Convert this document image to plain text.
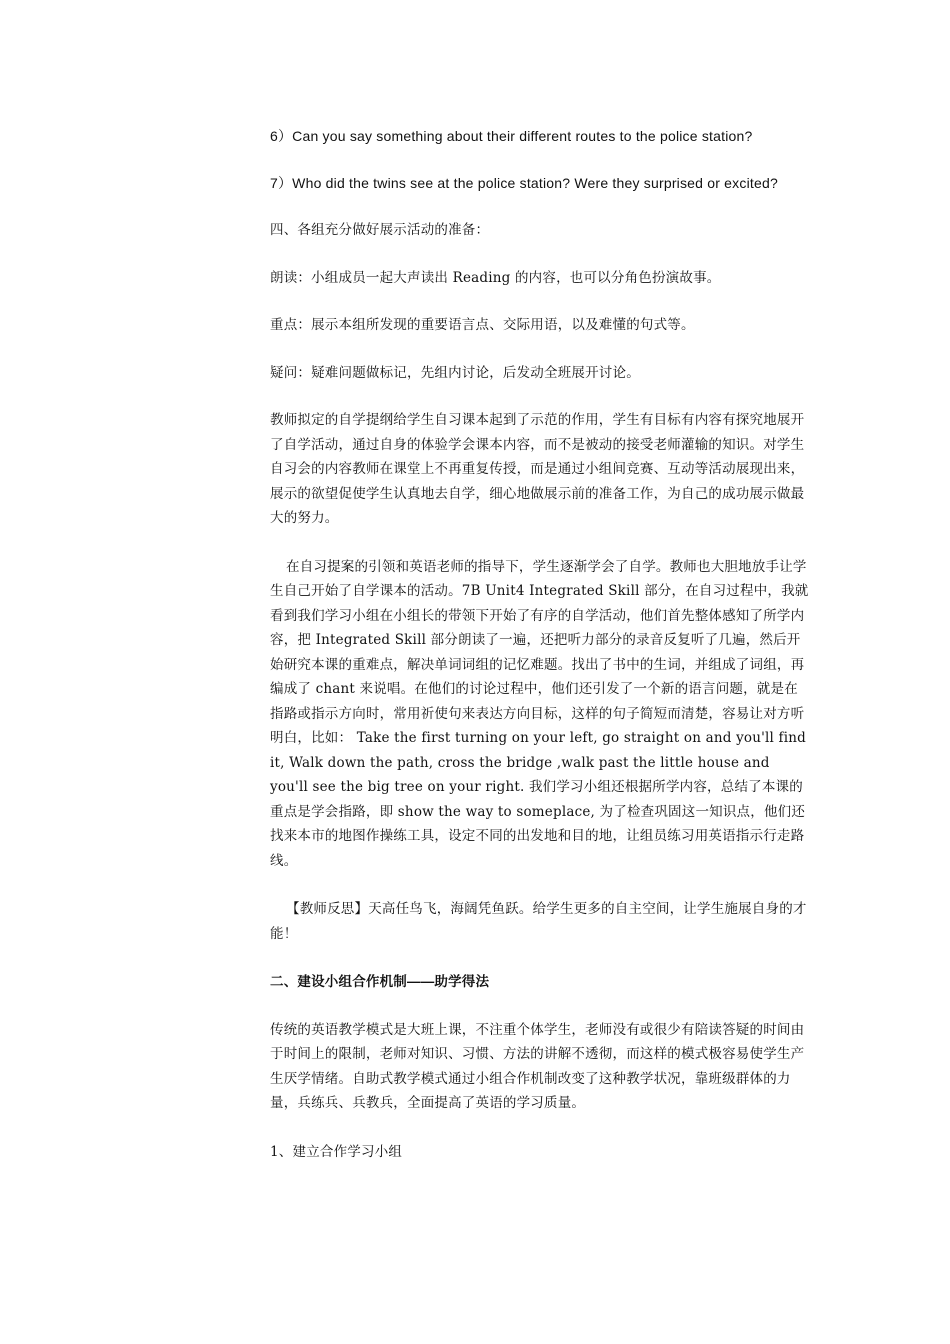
6）Can you say something about their different routes to the police station?

7）Who did the twins see at the police station? Were they surprised or excited?

四、各组充分做好展示活动的准备：

朗读：小组成员一起大声读出 Reading 的内容，也可以分角色扮演故事。

重点：展示本组所发现的重要语言点、交际用语，以及难懂的句式等。

疑问：疑难问题做标记，先组内讨论，后发动全班展开讨论。

教师拟定的自学提纲给学生自习课本起到了示范的作用，学生有目标有内容有探究地展开了自学活动，通过自身的体验学会课本内容，而不是被动的接受老师灌输的知识。对学生自习会的内容教师在课堂上不再重复传授，而是通过小组间竞赛、互动等活动展现出来，展示的欲望促使学生认真地去自学，细心地做展示前的准备工作，为自己的成功展示做最大的努力。

在自习提案的引领和英语老师的指导下，学生逐渐学会了自学。教师也大胆地放手让学生自己开始了自学课本的活动。7B Unit4 Integrated Skill 部分，在自习过程中，我就看到我们学习小组在小组长的带领下开始了有序的自学活动，他们首先整体感知了所学内容，把 Integrated Skill 部分朗读了一遍，还把听力部分的录音反复听了几遍，然后开始研究本课的重难点，解决单词词组的记忆难题。找出了书中的生词，并组成了词组，再编成了 chant 来说唱。在他们的讨论过程中，他们还引发了一个新的语言问题，就是在指路或指示方向时，常用祈使句来表达方向目标，这样的句子简短而清楚，容易让对方听明白，比如： Take the first turning on your left, go straight on and you'll find it, Walk down the path, cross the bridge ,walk past the little house and you'll see the big tree on your right. 我们学习小组还根据所学内容，总结了本课的重点是学会指路，即 show the way to someplace, 为了检查巩固这一知识点，他们还找来本市的地图作操练工具，设定不同的出发地和目的地，让组员练习用英语指示行走路线。

【教师反思】天高任鸟飞，海阔凭鱼跃。给学生更多的自主空间，让学生施展自身的才能！

二、建设小组合作机制——助学得法

传统的英语教学模式是大班上课，不注重个体学生，老师没有或很少有陪读答疑的时间由于时间上的限制，老师对知识、习惯、方法的讲解不透彻，而这样的模式极容易使学生产生厌学情绪。自助式教学模式通过小组合作机制改变了这种教学状况，靠班级群体的力量，兵练兵、兵教兵，全面提高了英语的学习质量。

1、建立合作学习小组
